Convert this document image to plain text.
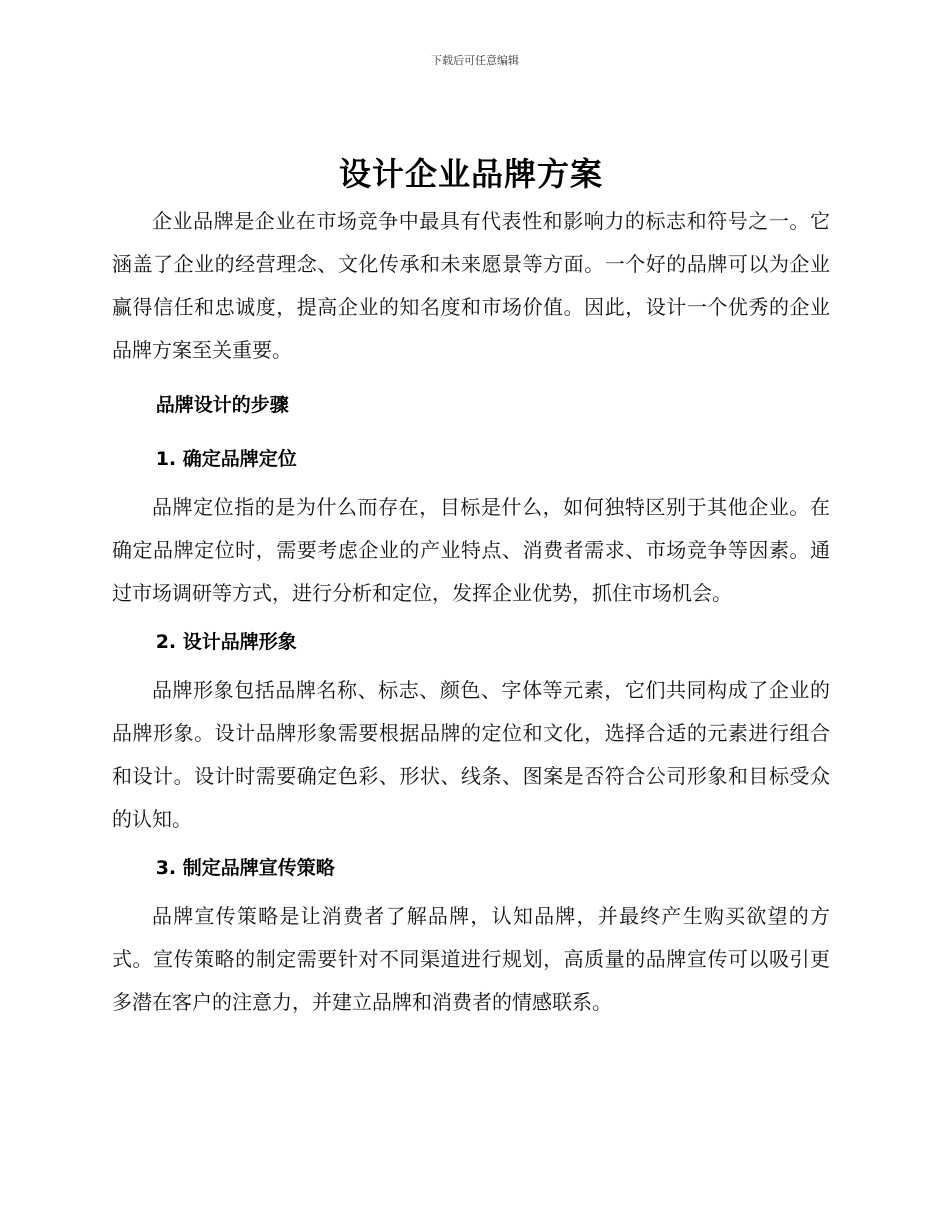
下载后可任意编辑
设计企业品牌方案

企业品牌是企业在市场竞争中最具有代表性和影响力的标志和符号之一。它涵盖了企业的经营理念、文化传承和未来愿景等方面。一个好的品牌可以为企业赢得信任和忠诚度，提高企业的知名度和市场价值。因此，设计一个优秀的企业品牌方案至关重要。

品牌设计的步骤
1. 确定品牌定位

品牌定位指的是为什么而存在，目标是什么，如何独特区别于其他企业。在确定品牌定位时，需要考虑企业的产业特点、消费者需求、市场竞争等因素。通过市场调研等方式，进行分析和定位，发挥企业优势，抓住市场机会。

2. 设计品牌形象

品牌形象包括品牌名称、标志、颜色、字体等元素，它们共同构成了企业的品牌形象。设计品牌形象需要根据品牌的定位和文化，选择合适的元素进行组合和设计。设计时需要确定色彩、形状、线条、图案是否符合公司形象和目标受众的认知。

3. 制定品牌宣传策略

品牌宣传策略是让消费者了解品牌，认知品牌，并最终产生购买欲望的方式。宣传策略的制定需要针对不同渠道进行规划，高质量的品牌宣传可以吸引更多潜在客户的注意力，并建立品牌和消费者的情感联系。
